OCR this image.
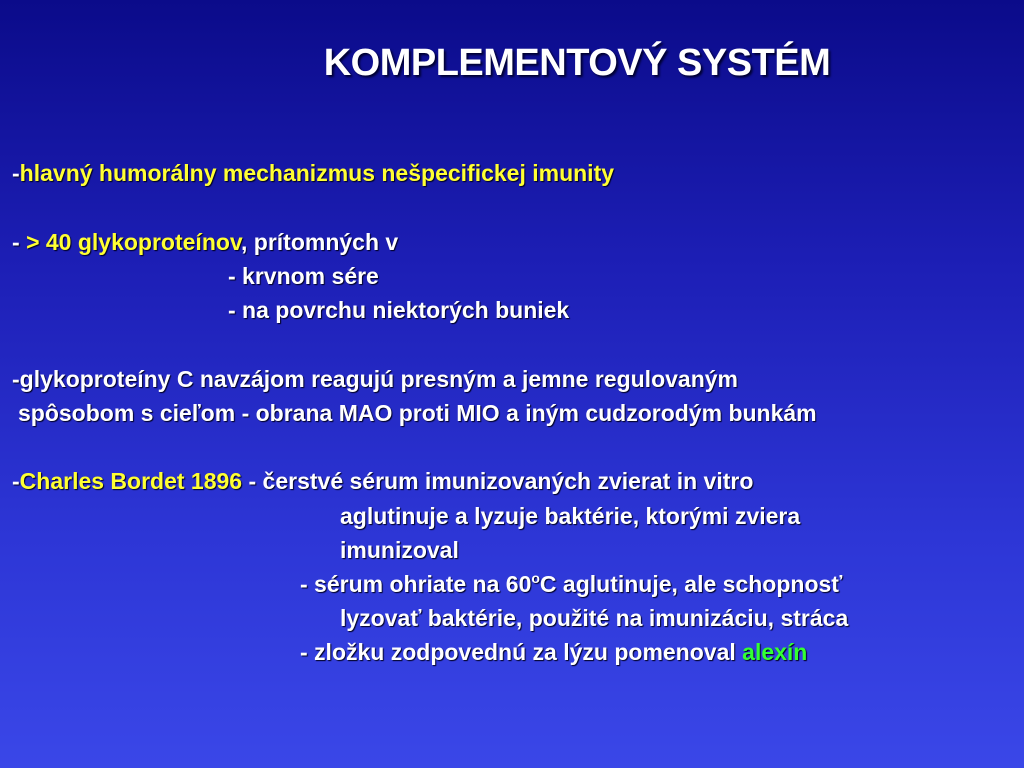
KOMPLEMENTOVÝ SYSTÉM
-hlavný humorálny mechanizmus nešpecifickej imunity
- > 40 glykoproteínov, prítomných v
- krvnom sére
- na povrchu niektorých buniek
-glykoproteíny C navzájom reagujú presným a jemne regulovaným
spôsobom s cieľom - obrana MAO proti MIO a iným cudzorodým bunkám
-Charles Bordet 1896 - čerstvé sérum imunizovaných zvierat in vitro
aglutinuje a lyzuje baktérie, ktorými zviera
imunizoval
- sérum ohriate na 60$^o$C aglutinuje, ale schopnosť
lyzovať baktérie, použité na imunizáciu, stráca
- zložku zodpovednú za lýzu pomenoval alexín
